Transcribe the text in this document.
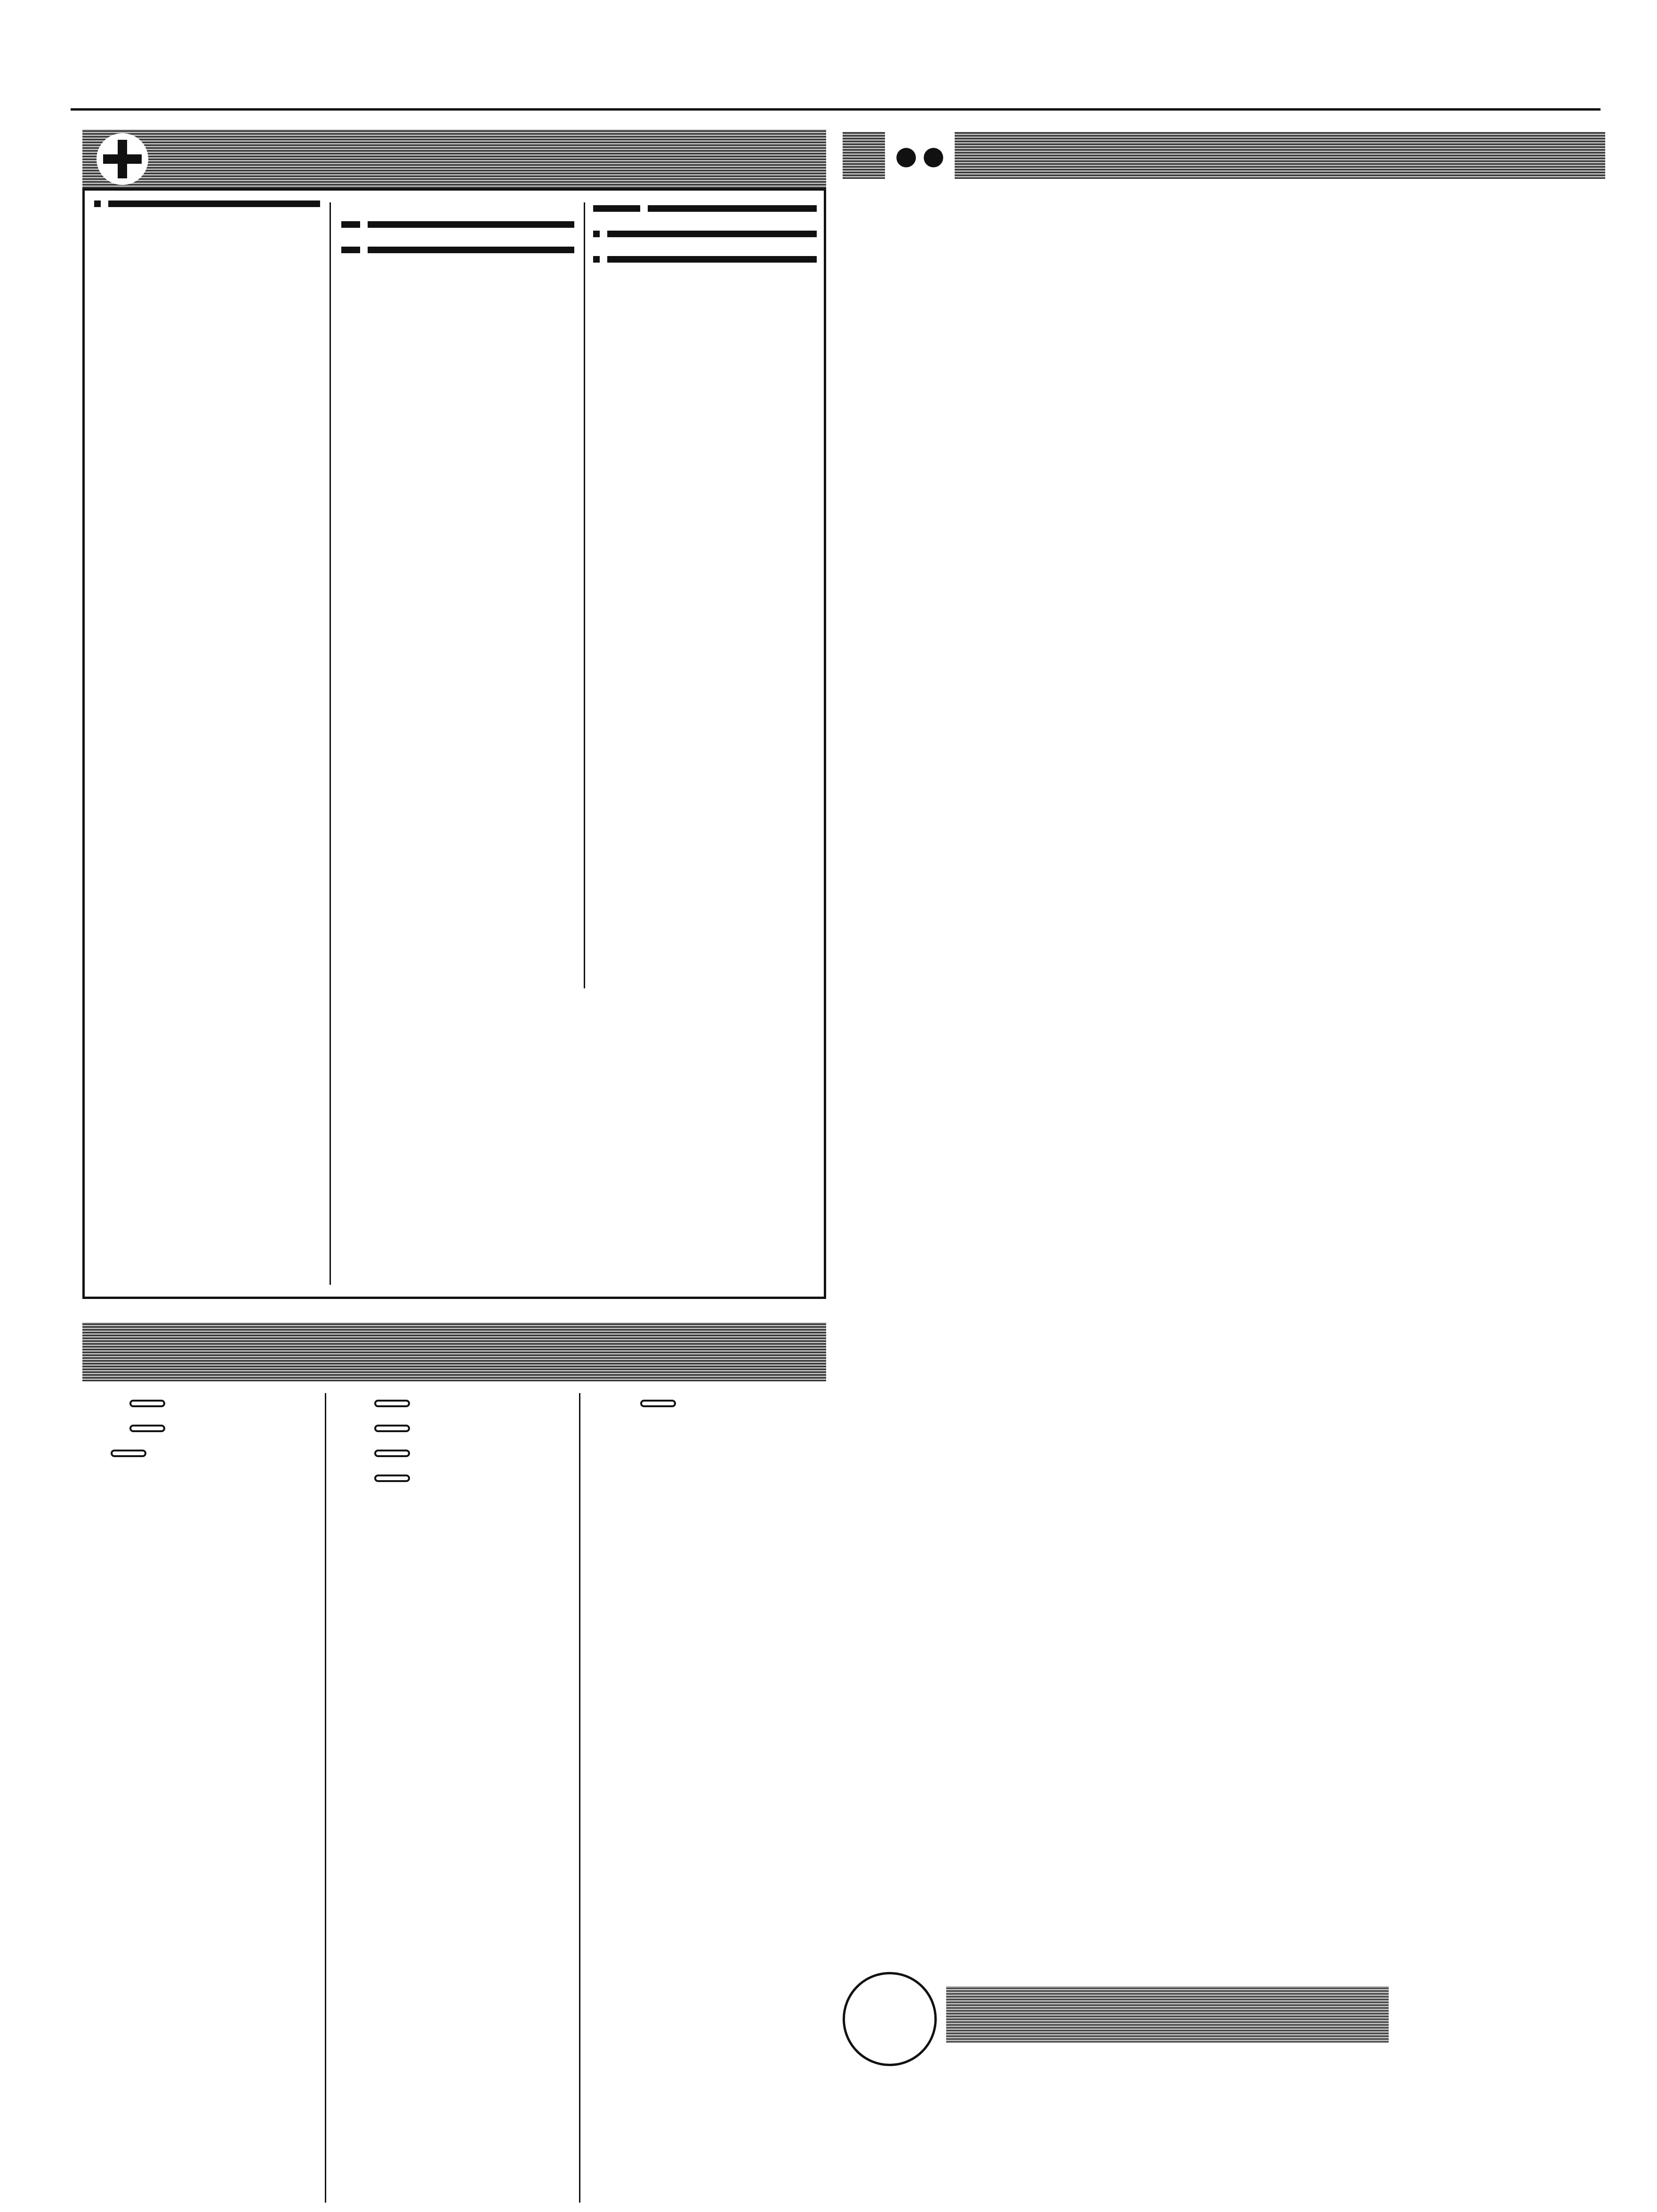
●●
